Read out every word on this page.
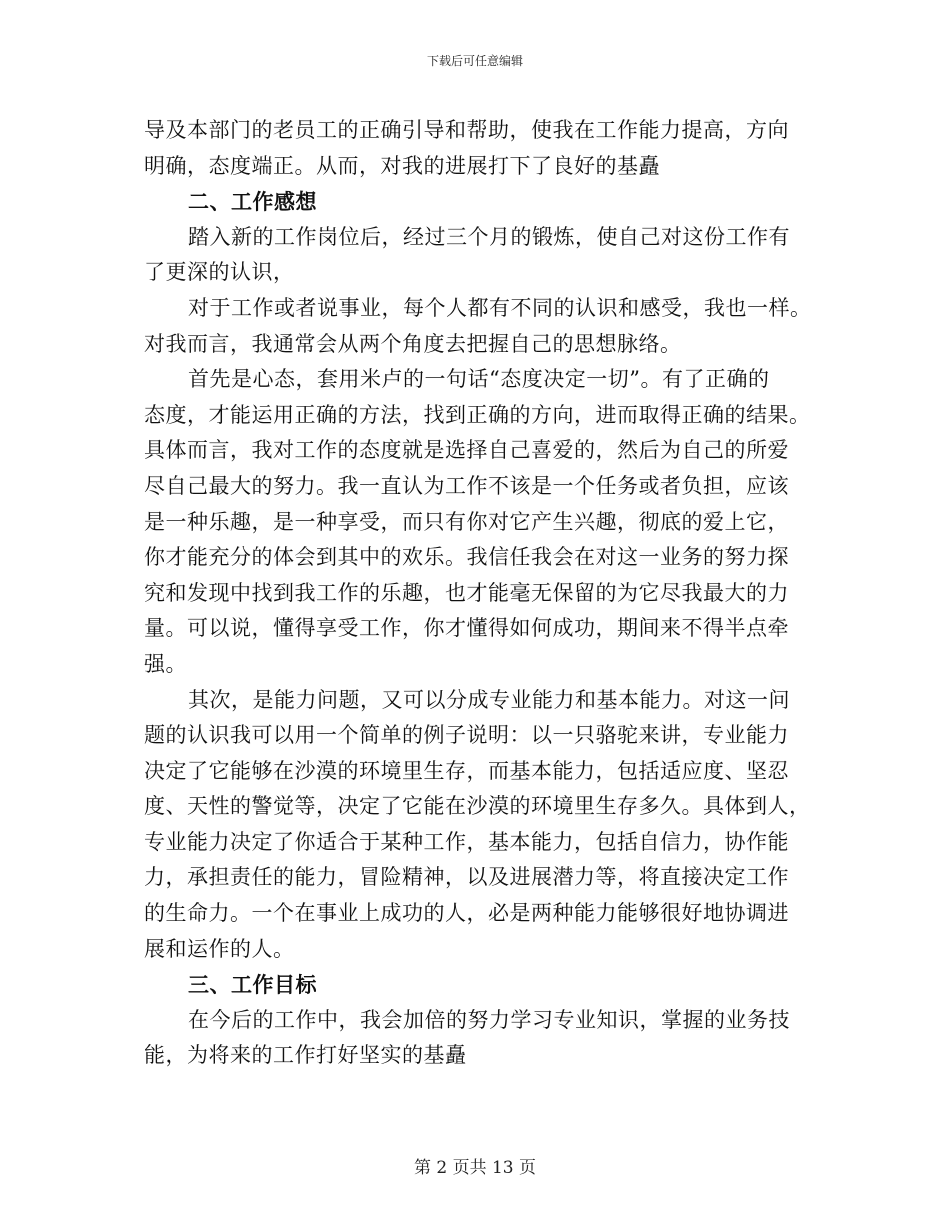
下载后可任意编辑
导及本部门的老员工的正确引导和帮助，使我在工作能力提高，方向
明确，态度端正。从而，对我的进展打下了良好的基矗
二、工作感想
踏入新的工作岗位后，经过三个月的锻炼，使自己对这份工作有
了更深的认识，
对于工作或者说事业，每个人都有不同的认识和感受，我也一样。
对我而言，我通常会从两个角度去把握自己的思想脉络。
首先是心态，套用米卢的一句话“态度决定一切”。有了正确的
态度，才能运用正确的方法，找到正确的方向，进而取得正确的结果。
具体而言，我对工作的态度就是选择自己喜爱的，然后为自己的所爱
尽自己最大的努力。我一直认为工作不该是一个任务或者负担，应该
是一种乐趣，是一种享受，而只有你对它产生兴趣，彻底的爱上它，
你才能充分的体会到其中的欢乐。我信任我会在对这一业务的努力探
究和发现中找到我工作的乐趣，也才能毫无保留的为它尽我最大的力
量。可以说，懂得享受工作，你才懂得如何成功，期间来不得半点牵
强。
其次，是能力问题，又可以分成专业能力和基本能力。对这一问
题的认识我可以用一个简单的例子说明：以一只骆驼来讲，专业能力
决定了它能够在沙漠的环境里生存，而基本能力，包括适应度、坚忍
度、天性的警觉等，决定了它能在沙漠的环境里生存多久。具体到人，
专业能力决定了你适合于某种工作，基本能力，包括自信力，协作能
力，承担责任的能力，冒险精神，以及进展潜力等，将直接决定工作
的生命力。一个在事业上成功的人，必是两种能力能够很好地协调进
展和运作的人。
三、工作目标
在今后的工作中，我会加倍的努力学习专业知识，掌握的业务技
能，为将来的工作打好坚实的基矗
第 2 页共 13 页
